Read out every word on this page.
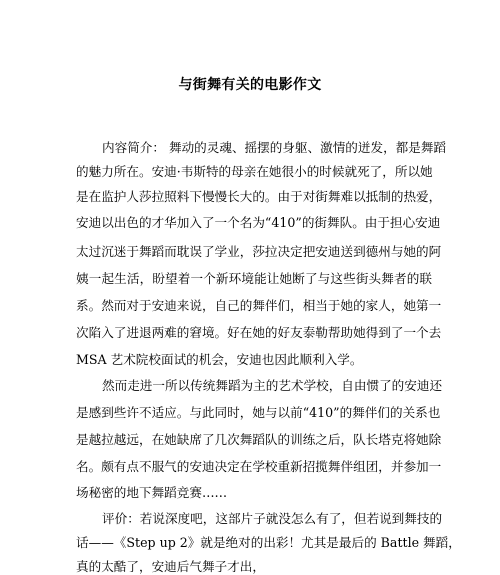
与街舞有关的电影作文

内容简介： 舞动的灵魂、摇摆的身躯、激情的迸发，都是舞蹈

的魅力所在。安迪·韦斯特的母亲在她很小的时候就死了，所以她

是在监护人莎拉照料下慢慢长大的。由于对街舞难以抵制的热爱，

安迪以出色的才华加入了一个名为“410”的街舞队。由于担心安迪

太过沉迷于舞蹈而耽误了学业，莎拉决定把安迪送到德州与她的阿

姨一起生活，盼望着一个新环境能让她断了与这些街头舞者的联

系。然而对于安迪来说，自己的舞伴们，相当于她的家人，她第一

次陷入了进退两难的窘境。好在她的好友泰勒帮助她得到了一个去

MSA 艺术院校面试的机会，安迪也因此顺利入学。

然而走进一所以传统舞蹈为主的艺术学校，自由惯了的安迪还

是感到些许不适应。与此同时，她与以前“410”的舞伴们的关系也

是越拉越远，在她缺席了几次舞蹈队的训练之后，队长塔克将她除

名。颇有点不服气的安迪决定在学校重新招揽舞伴组团，并参加一

场秘密的地下舞蹈竞赛……

评价：若说深度吧，这部片子就没怎么有了，但若说到舞技的

话——《Step up 2》就是绝对的出彩！尤其是最后的 Battle 舞蹈，

真的太酷了，安迪后气舞子才出，
